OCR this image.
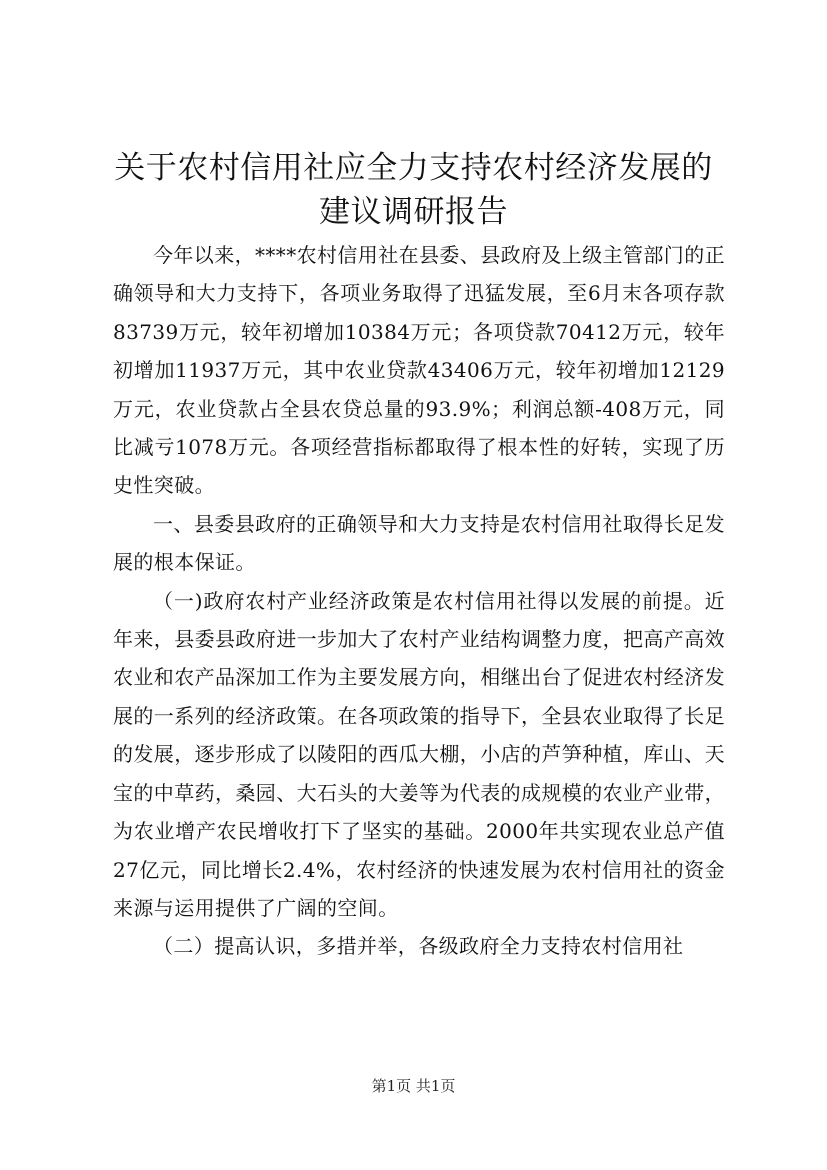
关于农村信用社应全力支持农村经济发展的建议调研报告

今年以来，****农村信用社在县委、县政府及上级主管部门的正确领导和大力支持下，各项业务取得了迅猛发展，至6月末各项存款83739万元，较年初增加10384万元；各项贷款70412万元，较年初增加11937万元，其中农业贷款43406万元，较年初增加12129万元，农业贷款占全县农贷总量的93.9%；利润总额-408万元，同比减亏1078万元。各项经营指标都取得了根本性的好转，实现了历史性突破。

一、县委县政府的正确领导和大力支持是农村信用社取得长足发展的根本保证。

（一)政府农村产业经济政策是农村信用社得以发展的前提。近年来，县委县政府进一步加大了农村产业结构调整力度，把高产高效农业和农产品深加工作为主要发展方向，相继出台了促进农村经济发展的一系列的经济政策。在各项政策的指导下，全县农业取得了长足的发展，逐步形成了以陵阳的西瓜大棚，小店的芦笋种植，库山、天宝的中草药，桑园、大石头的大姜等为代表的成规模的农业产业带，为农业增产农民增收打下了坚实的基础。2000年共实现农业总产值27亿元，同比增长2.4%，农村经济的快速发展为农村信用社的资金来源与运用提供了广阔的空间。

（二）提高认识，多措并举，各级政府全力支持农村信用社

第1页 共1页
